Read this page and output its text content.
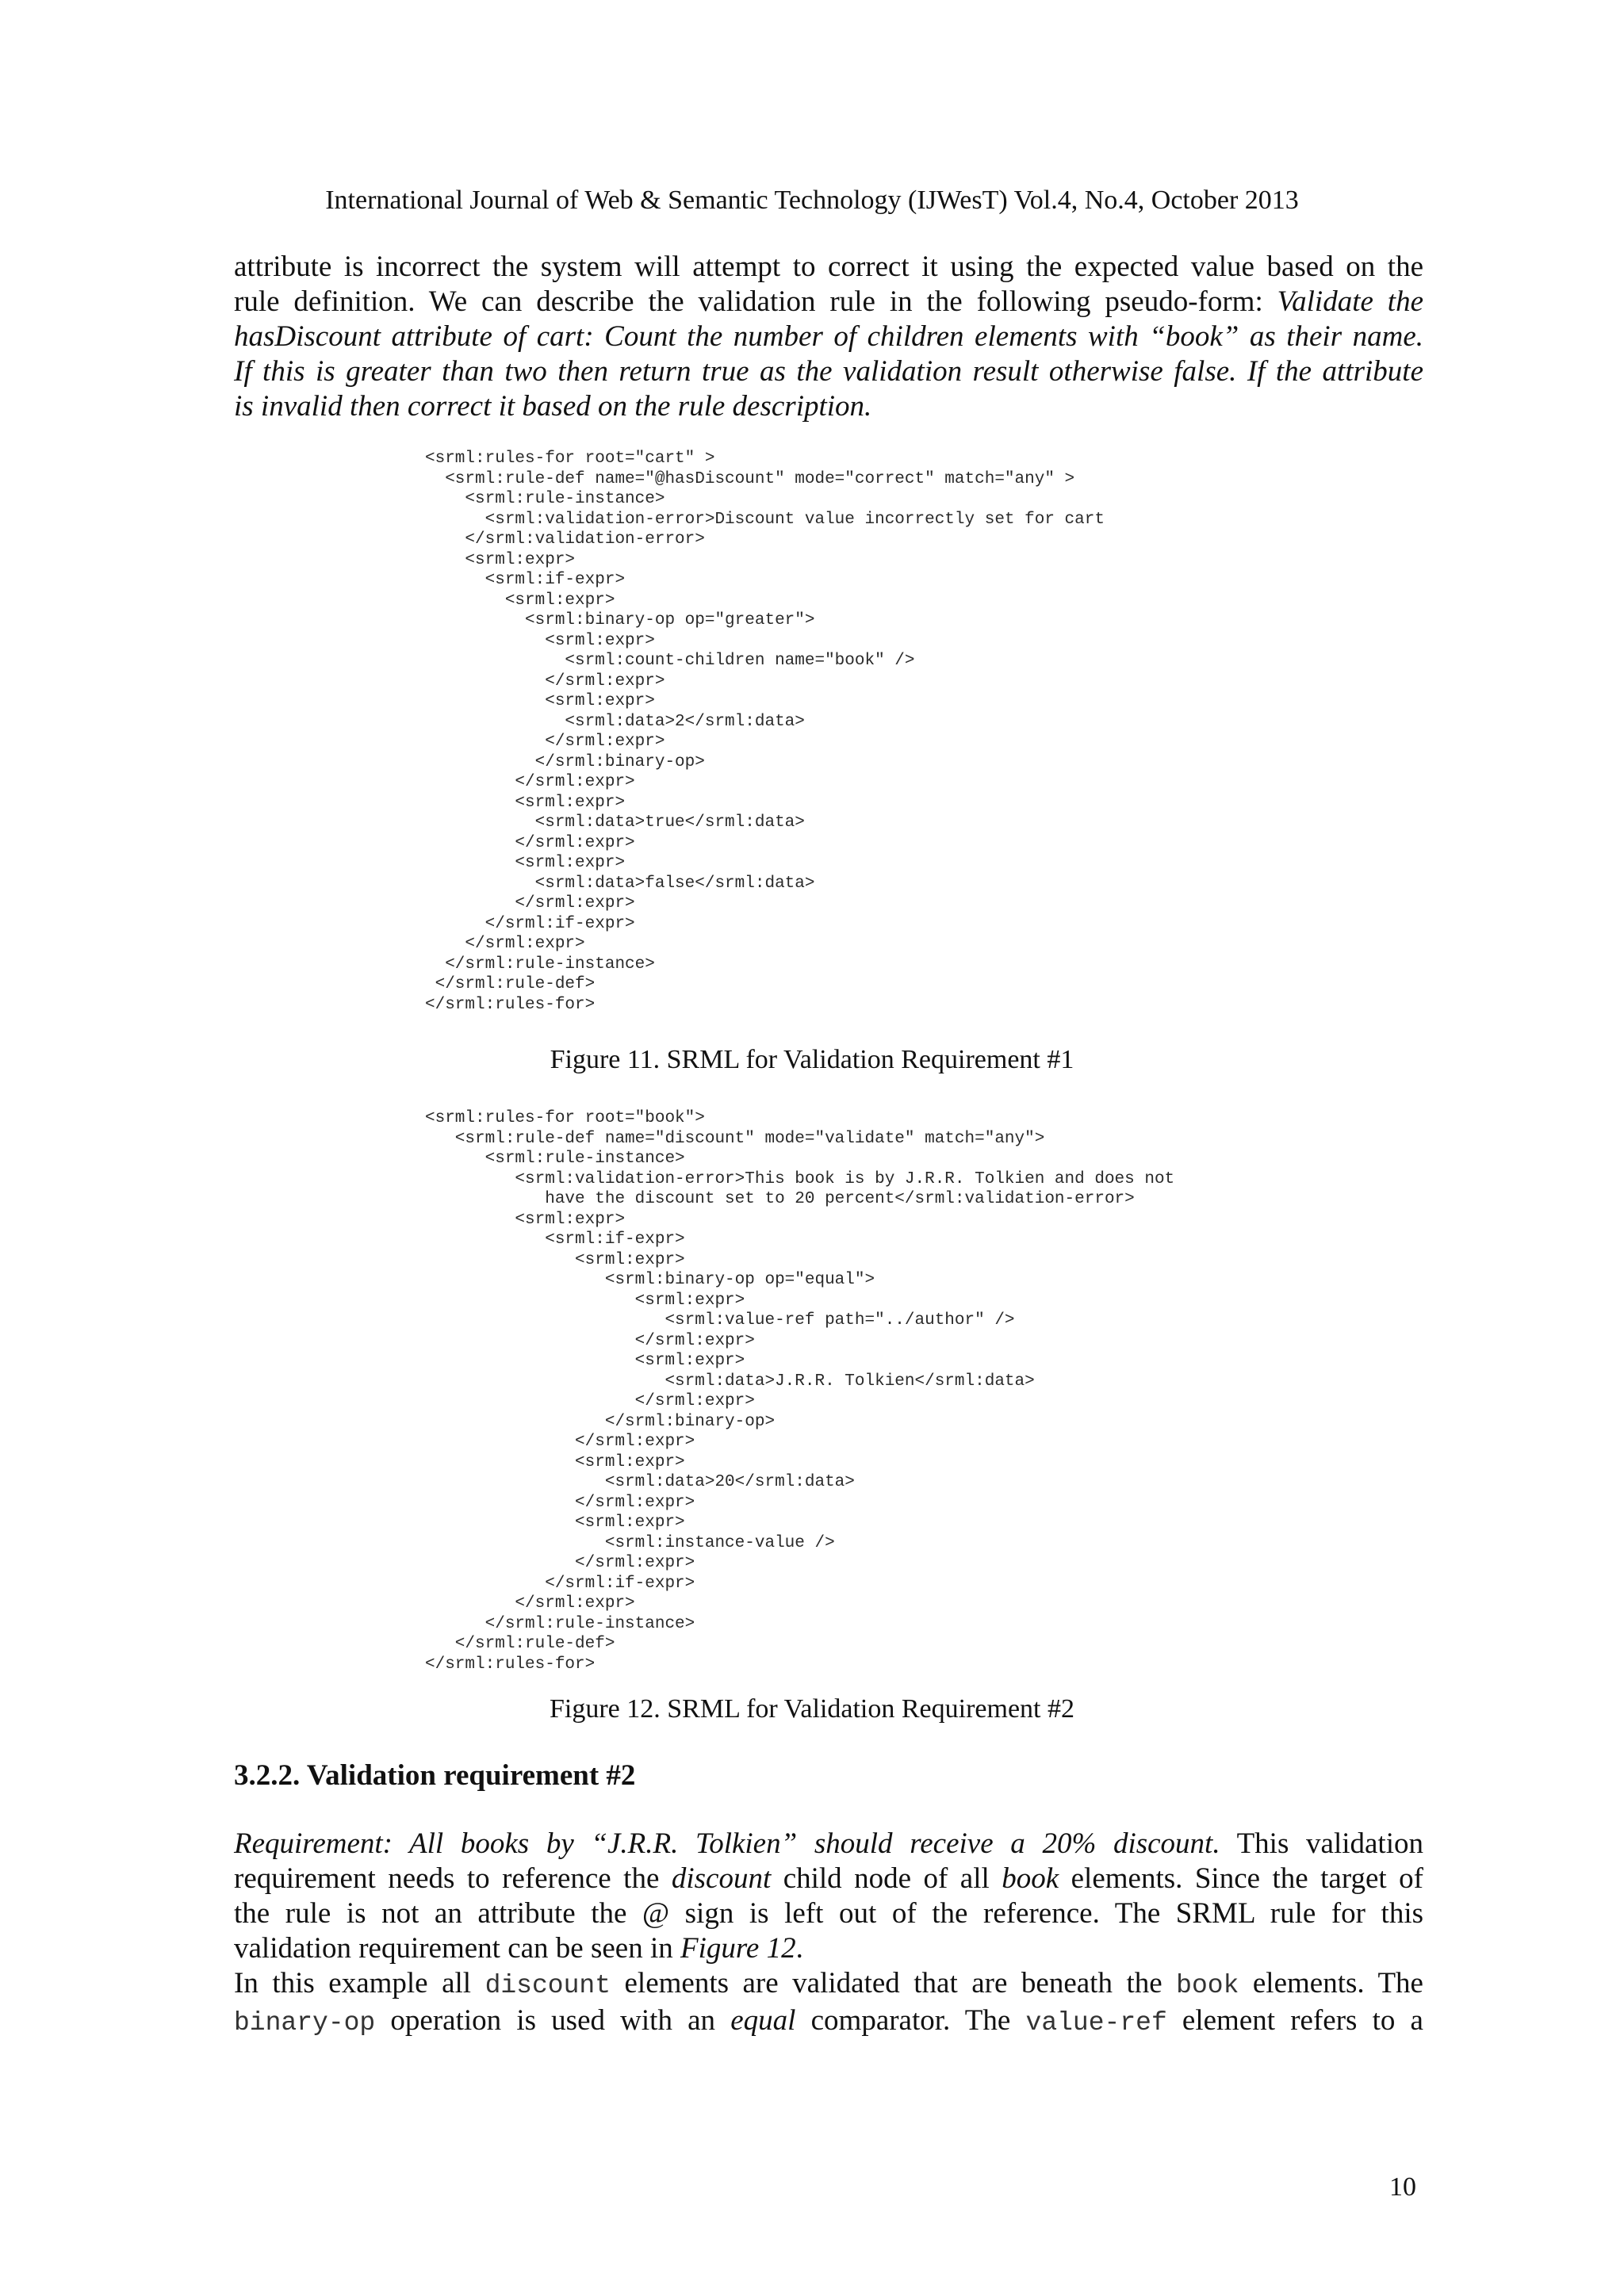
International Journal of Web & Semantic Technology (IJWesT) Vol.4, No.4, October 2013

attribute is incorrect the system will attempt to correct it using the expected value based on the
rule definition. We can describe the validation rule in the following pseudo-form: Validate the
hasDiscount attribute of cart: Count the number of children elements with “book” as their name.
If this is greater than two then return true as the validation result otherwise false. If the attribute
is invalid then correct it based on the rule description.

<srml:rules-for root="cart" >
<srml:rule-def name="@hasDiscount" mode="correct" match="any" >
<srml:rule-instance>
<srml:validation-error>Discount value incorrectly set for cart
</srml:validation-error>
<srml:expr>
<srml:if-expr>
<srml:expr>
<srml:binary-op op="greater">
<srml:expr>
<srml:count-children name="book" />
</srml:expr>
<srml:expr>
<srml:data>2</srml:data>
</srml:expr>
</srml:binary-op>
</srml:expr>
<srml:expr>
<srml:data>true</srml:data>
</srml:expr>
<srml:expr>
<srml:data>false</srml:data>
</srml:expr>
</srml:if-expr>
</srml:expr>
</srml:rule-instance>
</srml:rule-def>
</srml:rules-for>
Figure 11. SRML for Validation Requirement #1
<srml:rules-for root="book">
<srml:rule-def name="discount" mode="validate" match="any">
<srml:rule-instance>
<srml:validation-error>This book is by J.R.R. Tolkien and does not
have the discount set to 20 percent</srml:validation-error>
<srml:expr>
<srml:if-expr>
<srml:expr>
<srml:binary-op op="equal">
<srml:expr>
<srml:value-ref path="../author" />
</srml:expr>
<srml:expr>
<srml:data>J.R.R. Tolkien</srml:data>
</srml:expr>
</srml:binary-op>
</srml:expr>
<srml:expr>
<srml:data>20</srml:data>
</srml:expr>
<srml:expr>
<srml:instance-value />
</srml:expr>
</srml:if-expr>
</srml:expr>
</srml:rule-instance>
</srml:rule-def>
</srml:rules-for>
Figure 12. SRML for Validation Requirement #2
3.2.2. Validation requirement #2

Requirement: All books by “J.R.R. Tolkien” should receive a 20% discount. This validation
requirement needs to reference the discount child node of all book elements. Since the target of
the rule is not an attribute the @ sign is left out of the reference. The SRML rule for this
validation requirement can be seen in Figure 12.

In this example all discount elements are validated that are beneath the book elements. The
binary-op operation is used with an equal comparator. The value-ref element refers to a

10
